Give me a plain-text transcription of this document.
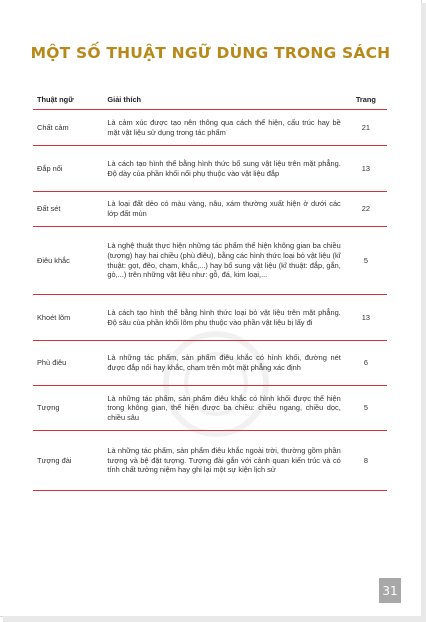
MỘT SỐ THUẬT NGỮ DÙNG TRONG SÁCH
Thuật ngữ	Giải thích	Trang
Chất cảm	Là cảm xúc được tạo nên thông qua cách thể hiện, cấu trúc hay bề mặt vật liệu sử dụng trong tác phẩm	21
Đắp nổi	Là cách tạo hình thể bằng hình thức bổ sung vật liệu trên mặt phẳng. Độ dày của phần khối nổi phụ thuộc vào vật liệu đắp	13
Đất sét	Là loại đất dẻo có màu vàng, nâu, xám thường xuất hiện ở dưới các lớp đất mùn	22
Điêu khắc	Là nghệ thuật thực hiện những tác phẩm thể hiện không gian ba chiều (tượng) hay hai chiều (phù điêu), bằng các hình thức loại bỏ vật liệu (kĩ thuật: gọt, đẽo, chạm, khắc,...) hay bổ sung vật liệu (kĩ thuật: đắp, gắn, gò,...) trên những vật liệu như: gỗ, đá, kim loại,...	5
Khoét lõm	Là cách tạo hình thể bằng hình thức loại bỏ vật liệu trên mặt phẳng. Độ sâu của phần khối lõm phụ thuộc vào phần vật liệu bị lấy đi	13
Phù điêu	Là những tác phẩm, sản phẩm điêu khắc có hình khối, đường nét được đắp nổi hay khắc, chạm trên một mặt phẳng xác định	6
Tượng	Là những tác phẩm, sản phẩm điêu khắc có hình khối được thể hiện trong không gian, thể hiện được ba chiều: chiều ngang, chiều dọc, chiều sâu	5
Tượng đài	Là những tác phẩm, sản phẩm điêu khắc ngoài trời, thường gồm phần tượng và bệ đặt tượng. Tượng đài gắn với cảnh quan kiến trúc và có tính chất tưởng niệm hay ghi lại một sự kiện lịch sử	8
31
